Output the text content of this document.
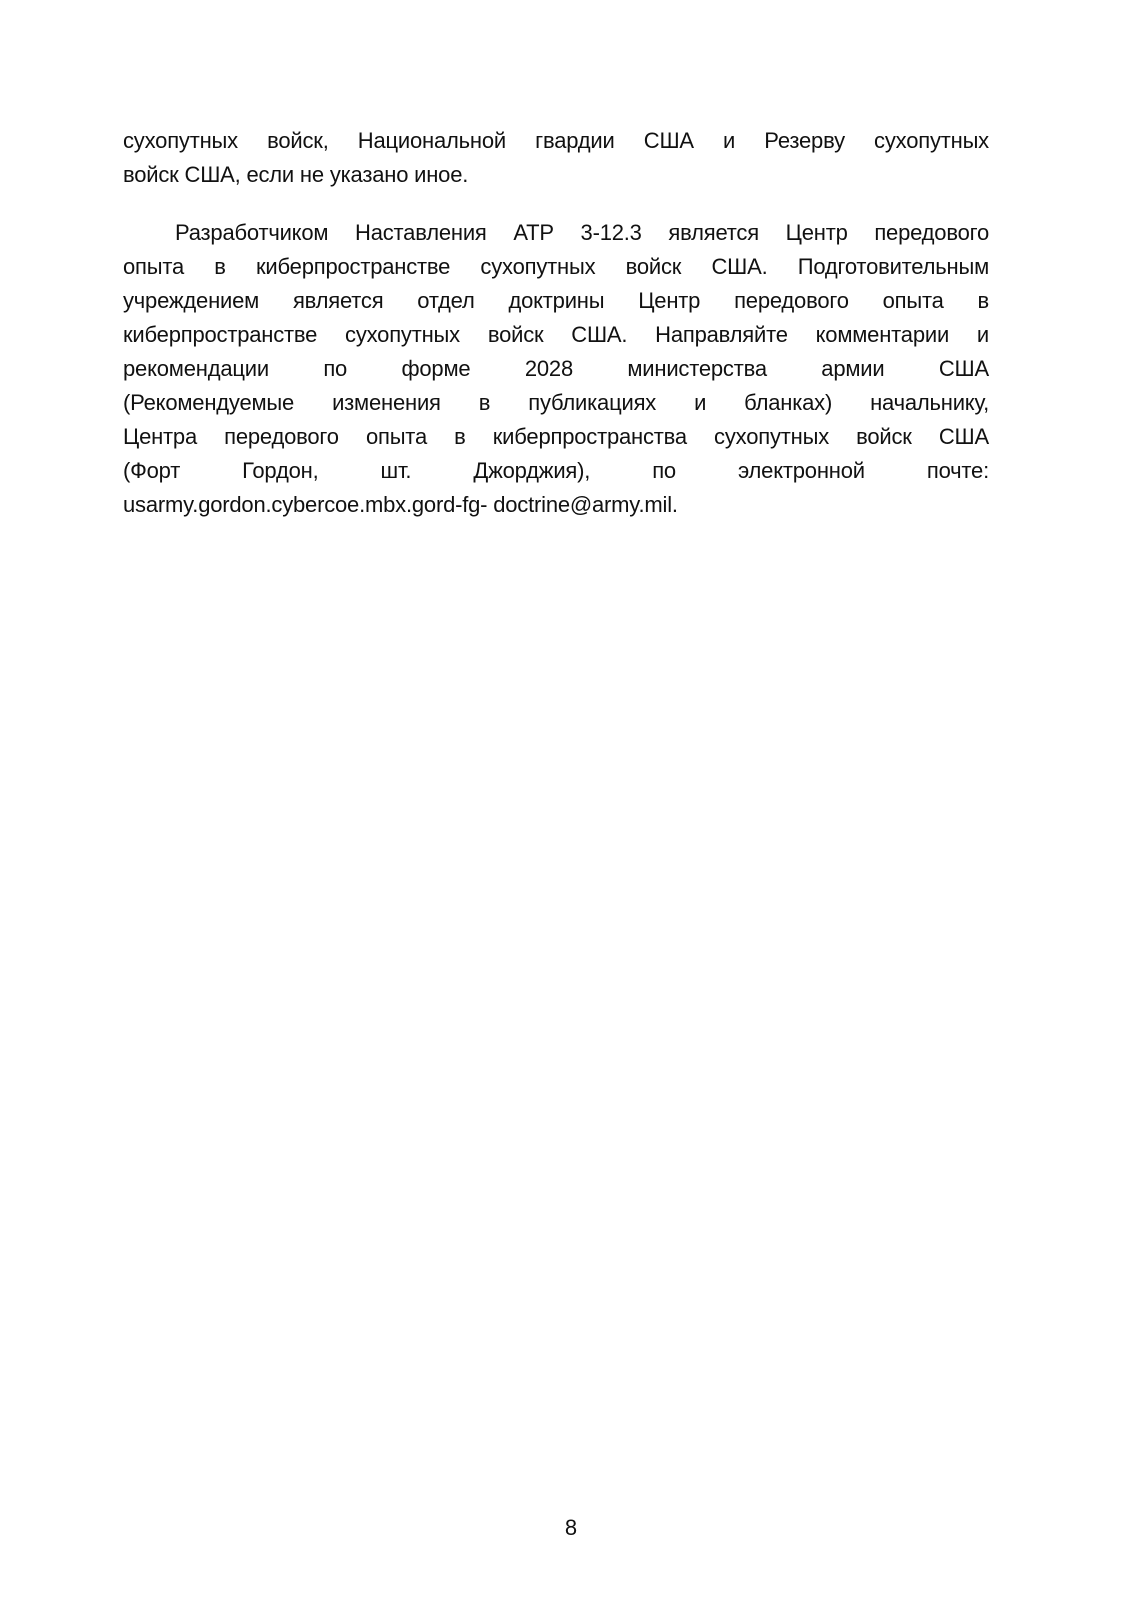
сухопутных войск, Национальной гвардии США и Резерву сухопутных
войск США, если не указано иное.
Разработчиком Наставления АТР 3-12.3 является Центр передового
опыта в киберпространстве сухопутных войск США. Подготовительным
учреждением является отдел доктрины Центр передового опыта в
киберпространстве сухопутных войск США. Направляйте комментарии и
рекомендации по форме 2028 министерства армии США
(Рекомендуемые изменения в публикациях и бланках) начальнику,
Центра передового опыта в киберпространства сухопутных войск США
(Форт Гордон, шт. Джорджия), по электронной почте:
usarmy.gordon.cybercoe.mbx.gord-fg- doctrine@army.mil.
8
